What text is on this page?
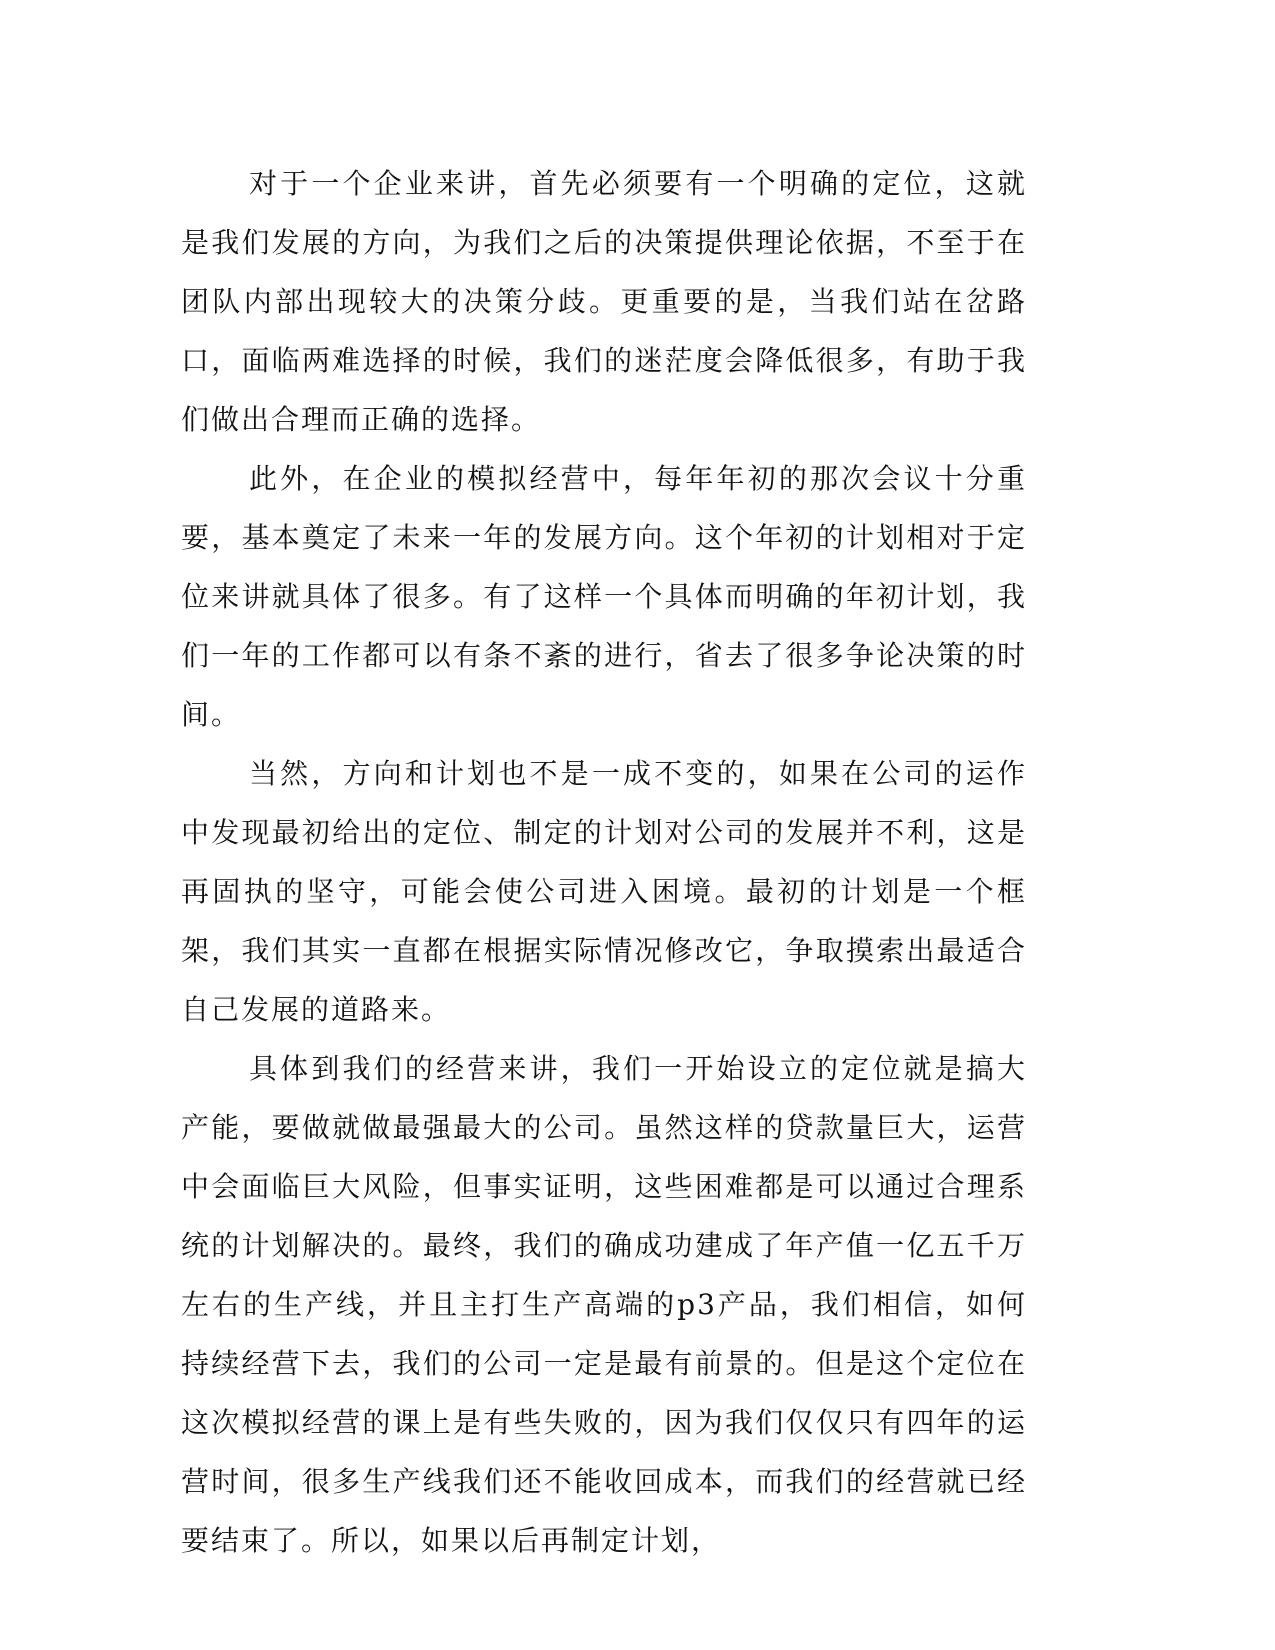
对于一个企业来讲，首先必须要有一个明确的定位，这就是我们发展的方向，为我们之后的决策提供理论依据，不至于在团队内部出现较大的决策分歧。更重要的是，当我们站在岔路口，面临两难选择的时候，我们的迷茫度会降低很多，有助于我们做出合理而正确的选择。

此外，在企业的模拟经营中，每年年初的那次会议十分重要，基本奠定了未来一年的发展方向。这个年初的计划相对于定位来讲就具体了很多。有了这样一个具体而明确的年初计划，我们一年的工作都可以有条不紊的进行，省去了很多争论决策的时间。

当然，方向和计划也不是一成不变的，如果在公司的运作中发现最初给出的定位、制定的计划对公司的发展并不利，这是再固执的坚守，可能会使公司进入困境。最初的计划是一个框架，我们其实一直都在根据实际情况修改它，争取摸索出最适合自己发展的道路来。

具体到我们的经营来讲，我们一开始设立的定位就是搞大产能，要做就做最强最大的公司。虽然这样的贷款量巨大，运营中会面临巨大风险，但事实证明，这些困难都是可以通过合理系统的计划解决的。最终，我们的确成功建成了年产值一亿五千万左右的生产线，并且主打生产高端的p3产品，我们相信，如何持续经营下去，我们的公司一定是最有前景的。但是这个定位在这次模拟经营的课上是有些失败的，因为我们仅仅只有四年的运营时间，很多生产线我们还不能收回成本，而我们的经营就已经要结束了。所以，如果以后再制定计划，
